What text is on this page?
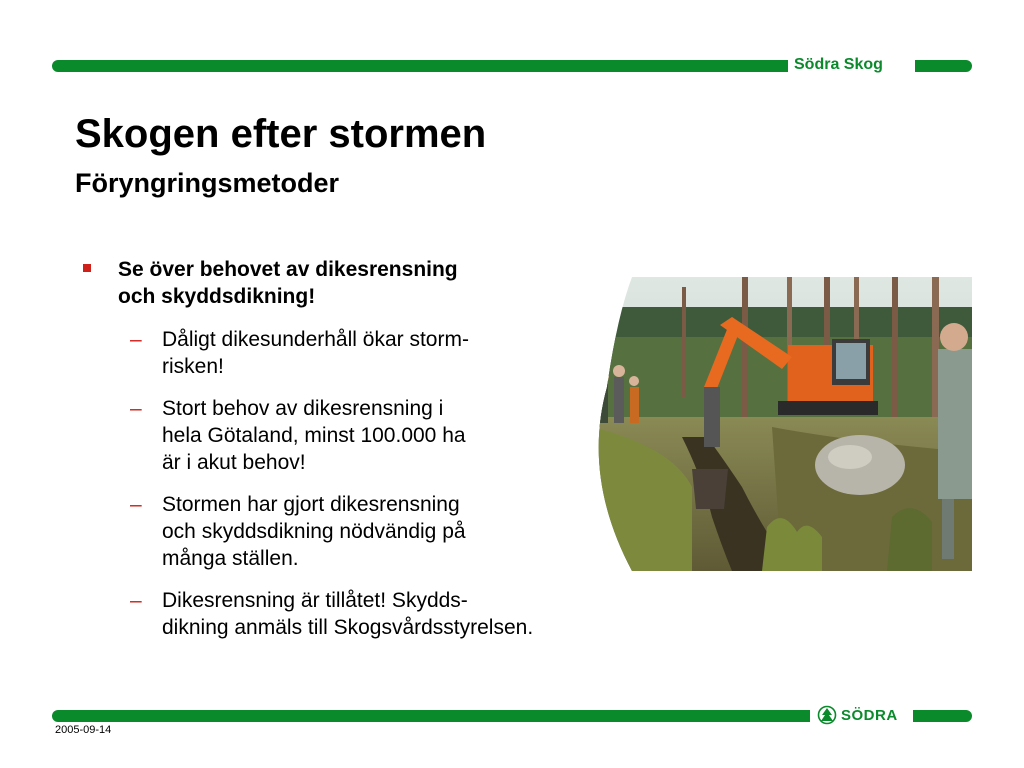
Södra Skog
Skogen efter stormen
Föryngringsmetoder
Se över behovet av dikesrensning
och skyddsdikning!
– Dåligt dikesunderhåll ökar storm-
risken!
– Stort behov av dikesrensning i
hela Götaland, minst 100.000 ha
är i akut behov!
– Stormen har gjort dikesrensning
och skyddsdikning nödvändig på
många ställen.
– Dikesrensning är tillåtet! Skydds-
dikning anmäls till Skogsvårdsstyrelsen.
SÖDRA
2005-09-14
